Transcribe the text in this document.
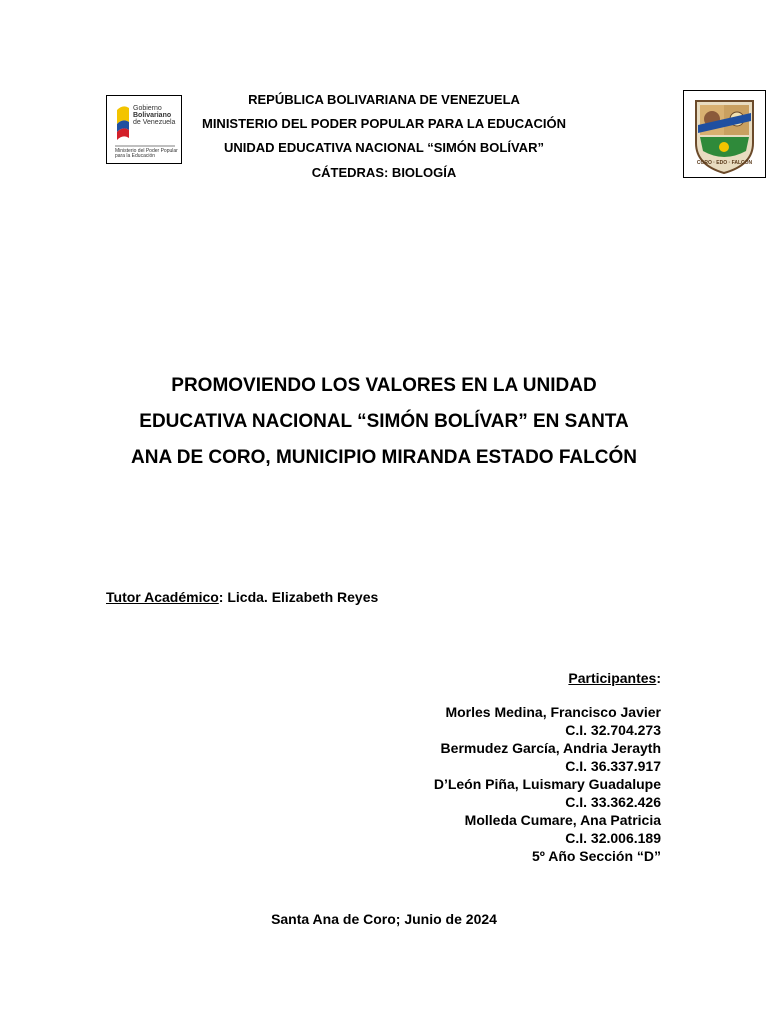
Gobierno
Bolivariano
de Venezuela
Ministerio del Poder Popular
para la Educación
CORO · EDO · FALCÓN
REPÚBLICA BOLIVARIANA DE VENEZUELA
MINISTERIO DEL PODER POPULAR PARA LA EDUCACIÓN
UNIDAD EDUCATIVA NACIONAL “SIMÓN BOLÍVAR”
CÁTEDRAS: BIOLOGÍA
PROMOVIENDO LOS VALORES EN LA UNIDAD
EDUCATIVA NACIONAL “SIMÓN BOLÍVAR” EN SANTA
ANA DE CORO, MUNICIPIO MIRANDA ESTADO FALCÓN
Tutor Académico: Licda. Elizabeth Reyes
Participantes:
Morles Medina, Francisco Javier
C.I. 32.704.273
Bermudez García, Andria Jerayth
C.I. 36.337.917
D’León Piña, Luismary Guadalupe
C.I. 33.362.426
Molleda Cumare, Ana Patricia
C.I. 32.006.189
5º Año Sección “D”
Santa Ana de Coro; Junio de 2024
